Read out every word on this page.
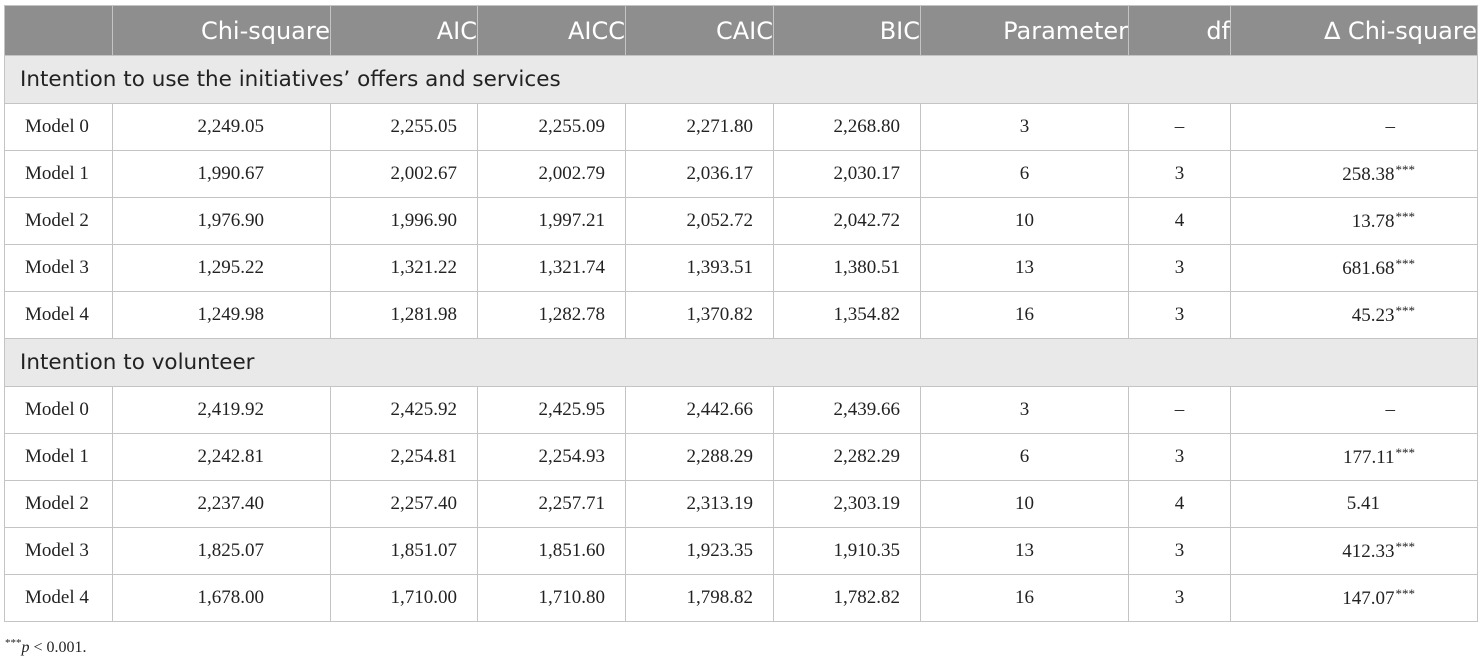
	Chi-square	AIC	AICC	CAIC	BIC	Parameter	df	∆ Chi-square
Intention to use the initiatives’ offers and services								
Model 0	2,249.05	2,255.05	2,255.09	2,271.80	2,268.80	3	–	–
Model 1	1,990.67	2,002.67	2,002.79	2,036.17	2,030.17	6	3	258.38***
Model 2	1,976.90	1,996.90	1,997.21	2,052.72	2,042.72	10	4	13.78***
Model 3	1,295.22	1,321.22	1,321.74	1,393.51	1,380.51	13	3	681.68***
Model 4	1,249.98	1,281.98	1,282.78	1,370.82	1,354.82	16	3	45.23***
Intention to volunteer								
Model 0	2,419.92	2,425.92	2,425.95	2,442.66	2,439.66	3	–	–
Model 1	2,242.81	2,254.81	2,254.93	2,288.29	2,282.29	6	3	177.11***
Model 2	2,237.40	2,257.40	2,257.71	2,313.19	2,303.19	10	4	5.41
Model 3	1,825.07	1,851.07	1,851.60	1,923.35	1,910.35	13	3	412.33***
Model 4	1,678.00	1,710.00	1,710.80	1,798.82	1,782.82	16	3	147.07***
***p < 0.001.
